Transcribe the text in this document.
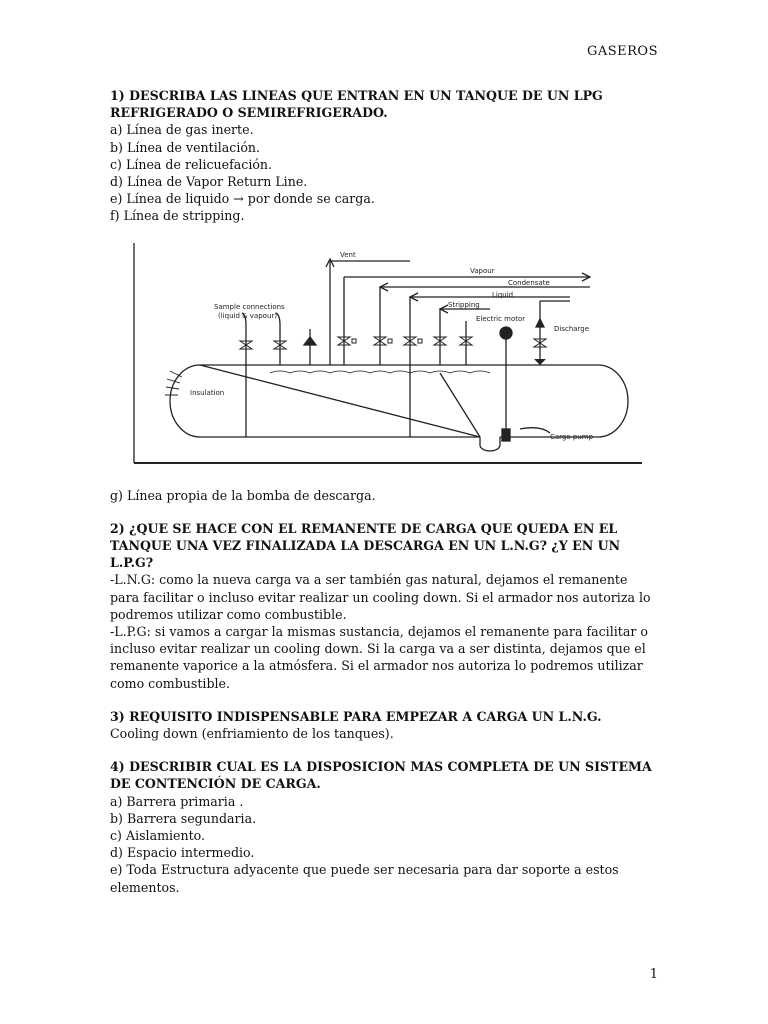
GASEROS

1) DESCRIBA LAS LINEAS QUE ENTRAN EN UN TANQUE DE UN LPG REFRIGERADO O SEMIREFRIGERADO.

a) Línea de gas inerte.

b) Línea de ventilación.

c) Línea de relicuefación.

d) Línea de Vapor Return Line.

e) Línea de liquido → por donde se carga.

f) Línea de stripping.

Vent
Vapour
Condensate
Liquid
Stripping
Electric motor
Cargo pump
Discharge
Sample connections
(liquid & vapour)
Insulation

g) Línea propia de la bomba de descarga.

2) ¿QUE SE HACE CON EL REMANENTE DE CARGA QUE QUEDA EN EL TANQUE UNA VEZ FINALIZADA LA DESCARGA EN UN L.N.G? ¿Y EN UN L.P.G?

-L.N.G: como la nueva carga va a ser también gas natural, dejamos el remanente para facilitar o incluso evitar realizar un cooling down. Si el armador nos autoriza lo podremos utilizar como combustible.

-L.P.G: si vamos a cargar la mismas sustancia, dejamos el remanente para facilitar o incluso evitar realizar un cooling down. Si la carga va a ser distinta, dejamos que el remanente vaporice a la atmósfera. Si el armador nos autoriza lo podremos utilizar como combustible.

3) REQUISITO INDISPENSABLE PARA EMPEZAR A CARGA UN L.N.G.

Cooling down (enfriamiento de los tanques).

4) DESCRIBIR CUAL ES LA DISPOSICION MAS COMPLETA DE UN SISTEMA DE CONTENCIÓN DE CARGA.

a) Barrera primaria .

b) Barrera segundaria.

c) Aislamiento.

d) Espacio intermedio.

e) Toda Estructura adyacente que puede ser necesaria para dar soporte a estos elementos.

1
